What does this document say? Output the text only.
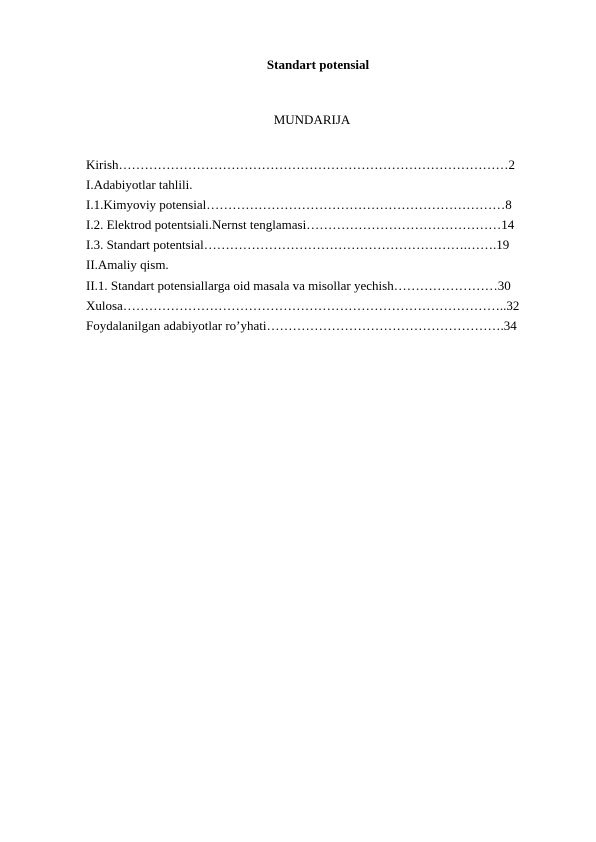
Standart potensial
MUNDARIJA
Kirish………………………………………………………………………………2
I.Adabiyotlar tahlili.
I.1.Kimyoviy potensial……………………………………………………………8
I.2. Elektrod potentsiali.Nernst tenglamasi………………………………………14
I.3. Standart potentsial…………………………………………………….…….19
II.Amaliy qism.
II.1. Standart potensiallarga oid masala va misollar yechish……………………30
Xulosa……………………………………………………………………………..32
Foydalanilgan adabiyotlar ro’yhati……………………………………………….34
